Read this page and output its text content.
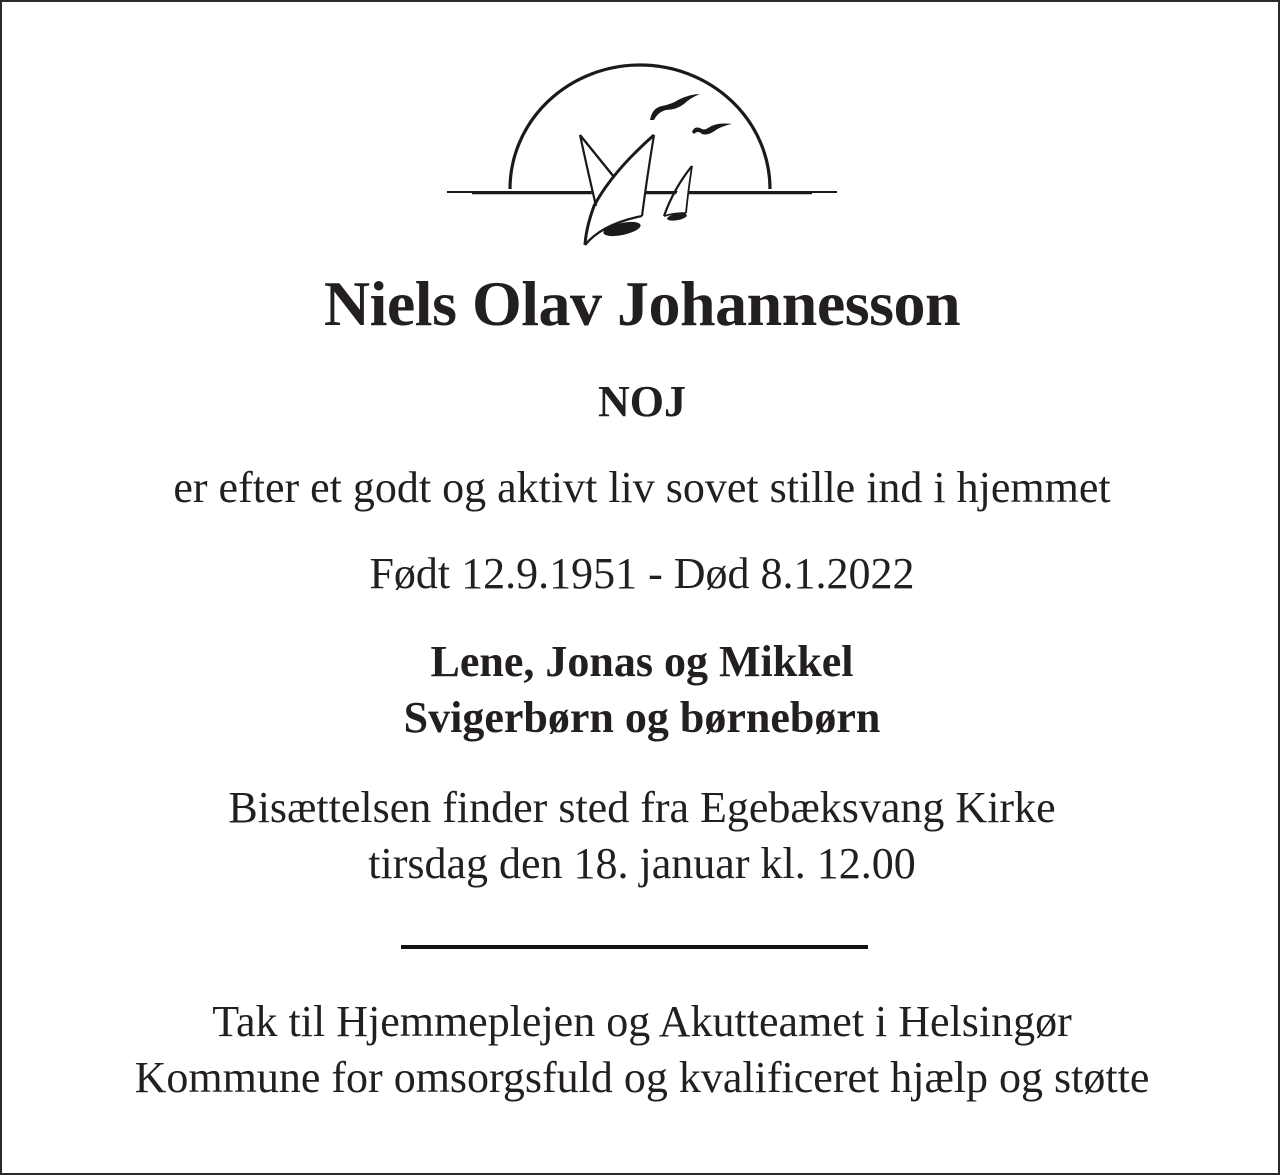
Niels Olav Johannesson
NOJ
er efter et godt og aktivt liv sovet stille ind i hjemmet
Født 12.9.1951 - Død 8.1.2022
Lene, Jonas og Mikkel
Svigerbørn og børnebørn
Bisættelsen finder sted fra Egebæksvang Kirke
tirsdag den 18. januar kl. 12.00
Tak til Hjemmeplejen og Akutteamet i Helsingør
Kommune for omsorgsfuld og kvalificeret hjælp og støtte
